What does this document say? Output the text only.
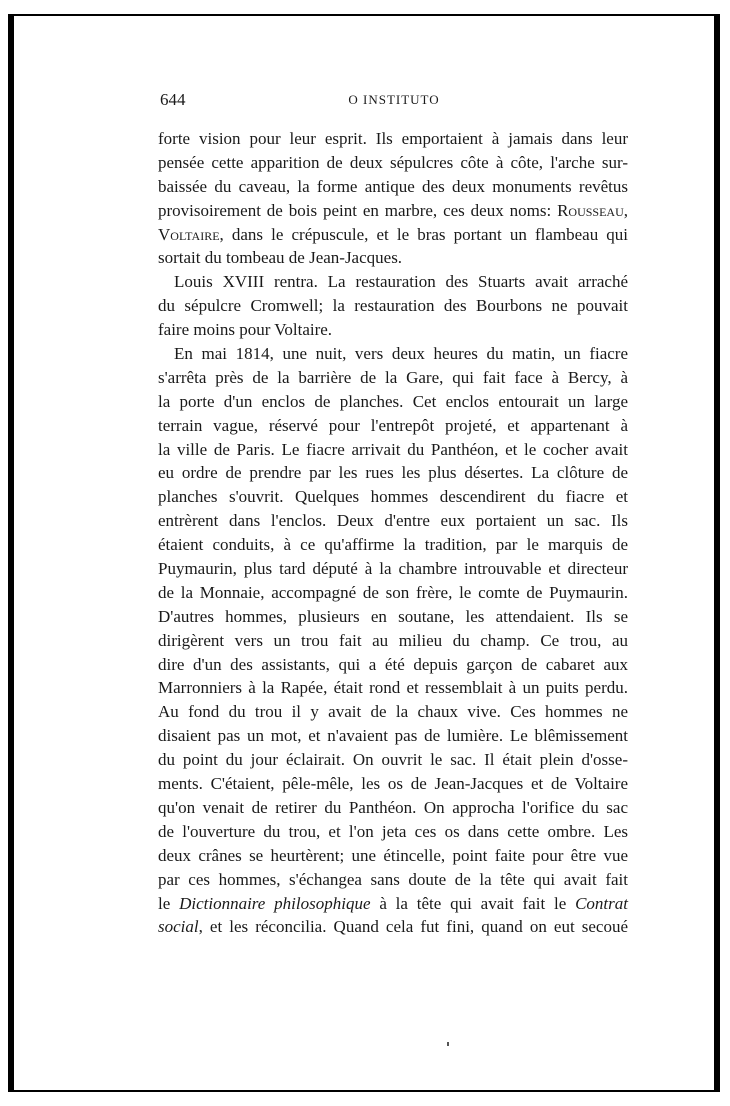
644	O INSTITUTO
forte vision pour leur esprit. Ils emportaient à jamais dans leur
pensée cette apparition de deux sépulcres côte à côte, l'arche sur-
baissée du caveau, la forme antique des deux monuments revêtus
provisoirement de bois peint en marbre, ces deux noms: Rousseau,
Voltaire, dans le crépuscule, et le bras portant un flambeau qui
sortait du tombeau de Jean-Jacques.
Louis XVIII rentra. La restauration des Stuarts avait arraché
du sépulcre Cromwell; la restauration des Bourbons ne pouvait
faire moins pour Voltaire.
En mai 1814, une nuit, vers deux heures du matin, un fiacre
s'arrêta près de la barrière de la Gare, qui fait face à Bercy, à
la porte d'un enclos de planches. Cet enclos entourait un large
terrain vague, réservé pour l'entrepôt projeté, et appartenant à
la ville de Paris. Le fiacre arrivait du Panthéon, et le cocher avait
eu ordre de prendre par les rues les plus désertes. La clôture de
planches s'ouvrit. Quelques hommes descendirent du fiacre et
entrèrent dans l'enclos. Deux d'entre eux portaient un sac. Ils
étaient conduits, à ce qu'affirme la tradition, par le marquis de
Puymaurin, plus tard député à la chambre introuvable et directeur
de la Monnaie, accompagné de son frère, le comte de Puymaurin.
D'autres hommes, plusieurs en soutane, les attendaient. Ils se
dirigèrent vers un trou fait au milieu du champ. Ce trou, au
dire d'un des assistants, qui a été depuis garçon de cabaret aux
Marronniers à la Rapée, était rond et ressemblait à un puits perdu.
Au fond du trou il y avait de la chaux vive. Ces hommes ne
disaient pas un mot, et n'avaient pas de lumière. Le blêmissement
du point du jour éclairait. On ouvrit le sac. Il était plein d'osse-
ments. C'étaient, pêle-mêle, les os de Jean-Jacques et de Voltaire
qu'on venait de retirer du Panthéon. On approcha l'orifice du sac
de l'ouverture du trou, et l'on jeta ces os dans cette ombre. Les
deux crânes se heurtèrent; une étincelle, point faite pour être vue
par ces hommes, s'échangea sans doute de la tête qui avait fait
le Dictionnaire philosophique à la tête qui avait fait le Contrat
social, et les réconcilia. Quand cela fut fini, quand on eut secoué
